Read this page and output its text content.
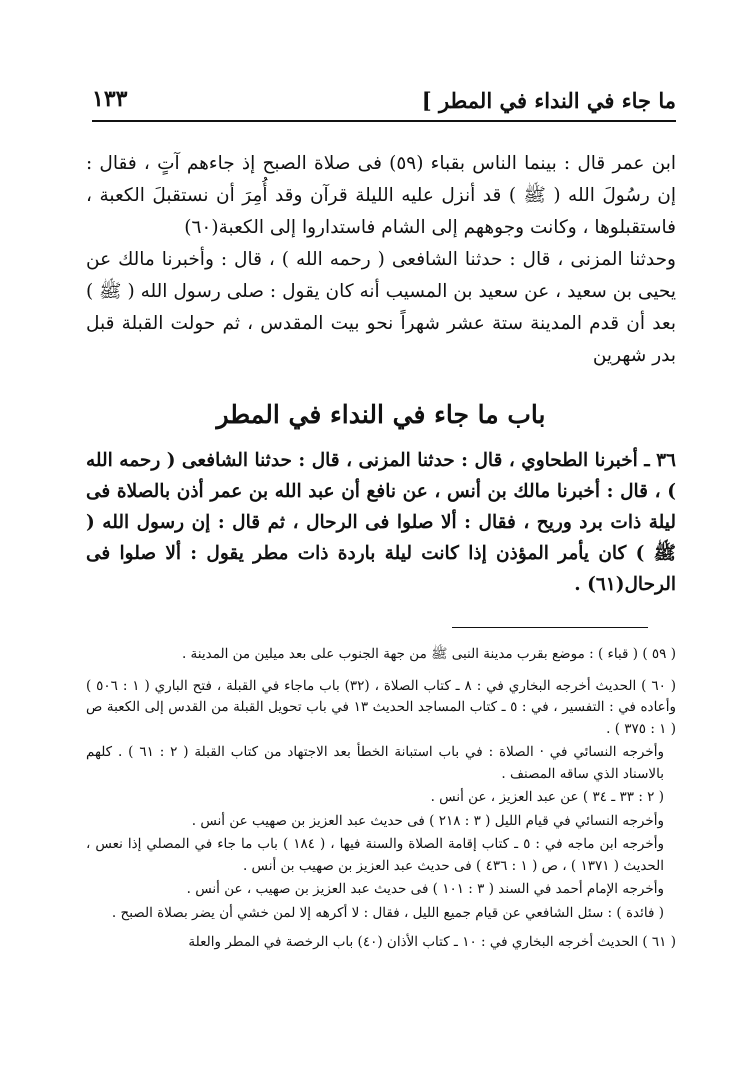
ما جاء في النداء في المطر ]
١٣٣

ابن عمر قال : بينما الناس بقباء (٥٩) فى صلاة الصبح إذ جاءهم آتٍ ، فقال : إن رسُولَ الله ( ﷺ ) قد أنزل عليه الليلة قرآن وقد أُمِرَ أن نستقبلَ الكعبة ، فاستقبلوها ، وكانت وجوههم إلى الشام فاستداروا إلى الكعبة(٦٠)

وحدثنا المزنى ، قال : حدثنا الشافعى ( رحمه الله ) ، قال : وأخبرنا مالك عن يحيى بن سعيد ، عن سعيد بن المسيب أنه كان يقول : صلى رسول الله ( ﷺ ) بعد أن قدم المدينة ستة عشر شهراً نحو بيت المقدس ، ثم حولت القبلة قبل بدر شهرين

باب ما جاء في النداء في المطر

٣٦ ـ أخبرنا الطحاوي ، قال : حدثنا المزنى ، قال : حدثنا الشافعى ( رحمه الله ) ، قال : أخبرنا مالك بن أنس ، عن نافع أن عبد الله بن عمر أذن بالصلاة فى ليلة ذات برد وريح ، فقال : ألا صلوا فى الرحال ، ثم قال : إن رسول الله ( ﷺ ) كان يأمر المؤذن إذا كانت ليلة باردة ذات مطر يقول : ألا صلوا فى الرحال(٦١) .

( ٥٩ ) ( قباء ) : موضع بقرب مدينة النبى ﷺ من جهة الجنوب على بعد ميلين من المدينة .

( ٦٠ ) الحديث أخرجه البخاري في : ٨ ـ كتاب الصلاة ، (٣٢) باب ماجاء في القبلة ، فتح الباري ( ١ : ٥٠٦ ) وأعاده في : التفسير ، في : ٥ ـ كتاب المساجد الحديث ١٣ في باب تحويل القبلة من القدس إلى الكعبة ص ( ١ : ٣٧٥ ) .

وأخرجه النسائي في · الصلاة : في باب استبانة الخطأ بعد الاجتهاد من كتاب القبلة ( ٢ : ٦١ ) . كلهم بالاسناد الذي ساقه المصنف .

( ٢ : ٣٣ ـ ٣٤ ) عن عبد العزيز ، عن أنس .

وأخرجه النسائي في قيام الليل ( ٣ : ٢١٨ ) فى حديث عبد العزيز بن صهيب عن أنس .

وأخرجه ابن ماجه في : ٥ ـ كتاب إقامة الصلاة والسنة فيها ، ( ١٨٤ ) باب ما جاء في المصلي إذا نعس ، الحديث ( ١٣٧١ ) ، ص ( ١ : ٤٣٦ ) فى حديث عبد العزيز بن صهيب بن أنس .

وأخرجه الإمام أحمد في السند ( ٣ : ١٠١ ) فى حديث عبد العزيز بن صهيب ، عن أنس .

( فائدة ) : سئل الشافعي عن قيام جميع الليل ، فقال : لا أكرهه إلا لمن خشي أن يضر بصلاة الصبح .

( ٦١ ) الحديث أخرجه البخاري في : ١٠ ـ كتاب الأذان (٤٠) باب الرخصة في المطر والعلة
